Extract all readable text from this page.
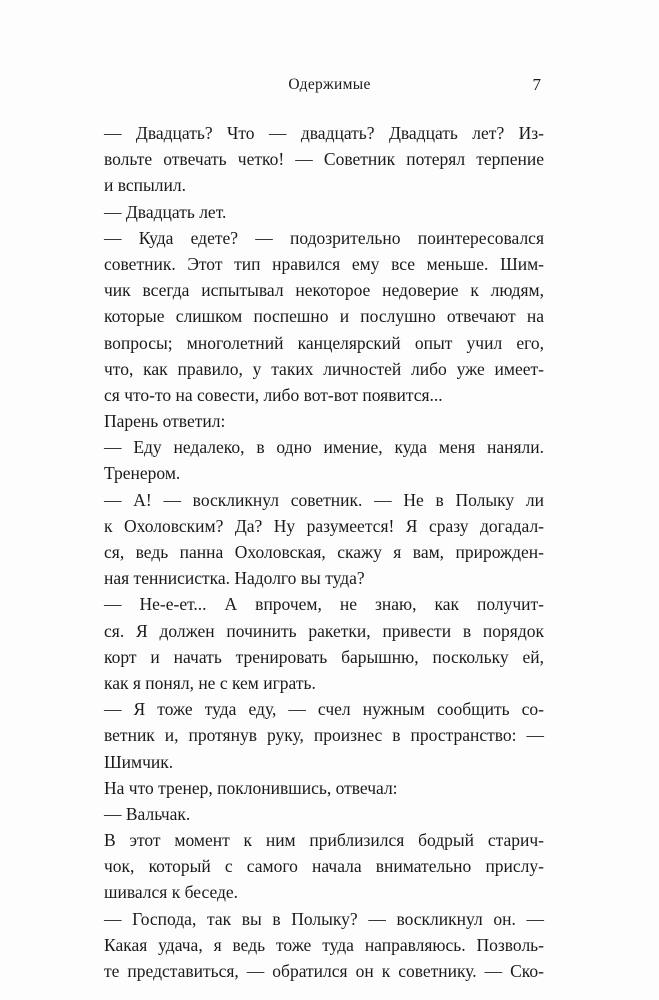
Одержимые	7
— Двадцать? Что — двадцать? Двадцать лет? Из-
вольте отвечать четко! — Советник потерял терпение
и вспылил.
— Двадцать лет.
— Куда едете? — подозрительно поинтересовался
советник. Этот тип нравился ему все меньше. Шим-
чик всегда испытывал некоторое недоверие к людям,
которые слишком поспешно и послушно отвечают на
вопросы; многолетний канцелярский опыт учил его,
что, как правило, у таких личностей либо уже имеет-
ся что-то на совести, либо вот-вот появится...
Парень ответил:
— Еду недалеко, в одно имение, куда меня наняли.
Тренером.
— А! — воскликнул советник. — Не в Полыку ли
к Охоловским? Да? Ну разумеется! Я сразу догадал-
ся, ведь панна Охоловская, скажу я вам, прирожден-
ная теннисистка. Надолго вы туда?
— Не-е-ет... А впрочем, не знаю, как получит-
ся. Я должен починить ракетки, привести в порядок
корт и начать тренировать барышню, поскольку ей,
как я понял, не с кем играть.
— Я тоже туда еду, — счел нужным сообщить со-
ветник и, протянув руку, произнес в пространство: —
Шимчик.
На что тренер, поклонившись, отвечал:
— Вальчак.
В этот момент к ним приблизился бодрый старич-
чок, который с самого начала внимательно прислу-
шивался к беседе.
— Господа, так вы в Полыку? — воскликнул он. —
Какая удача, я ведь тоже туда направляюсь. Позволь-
те представиться, — обратился он к советнику. — Ско-
